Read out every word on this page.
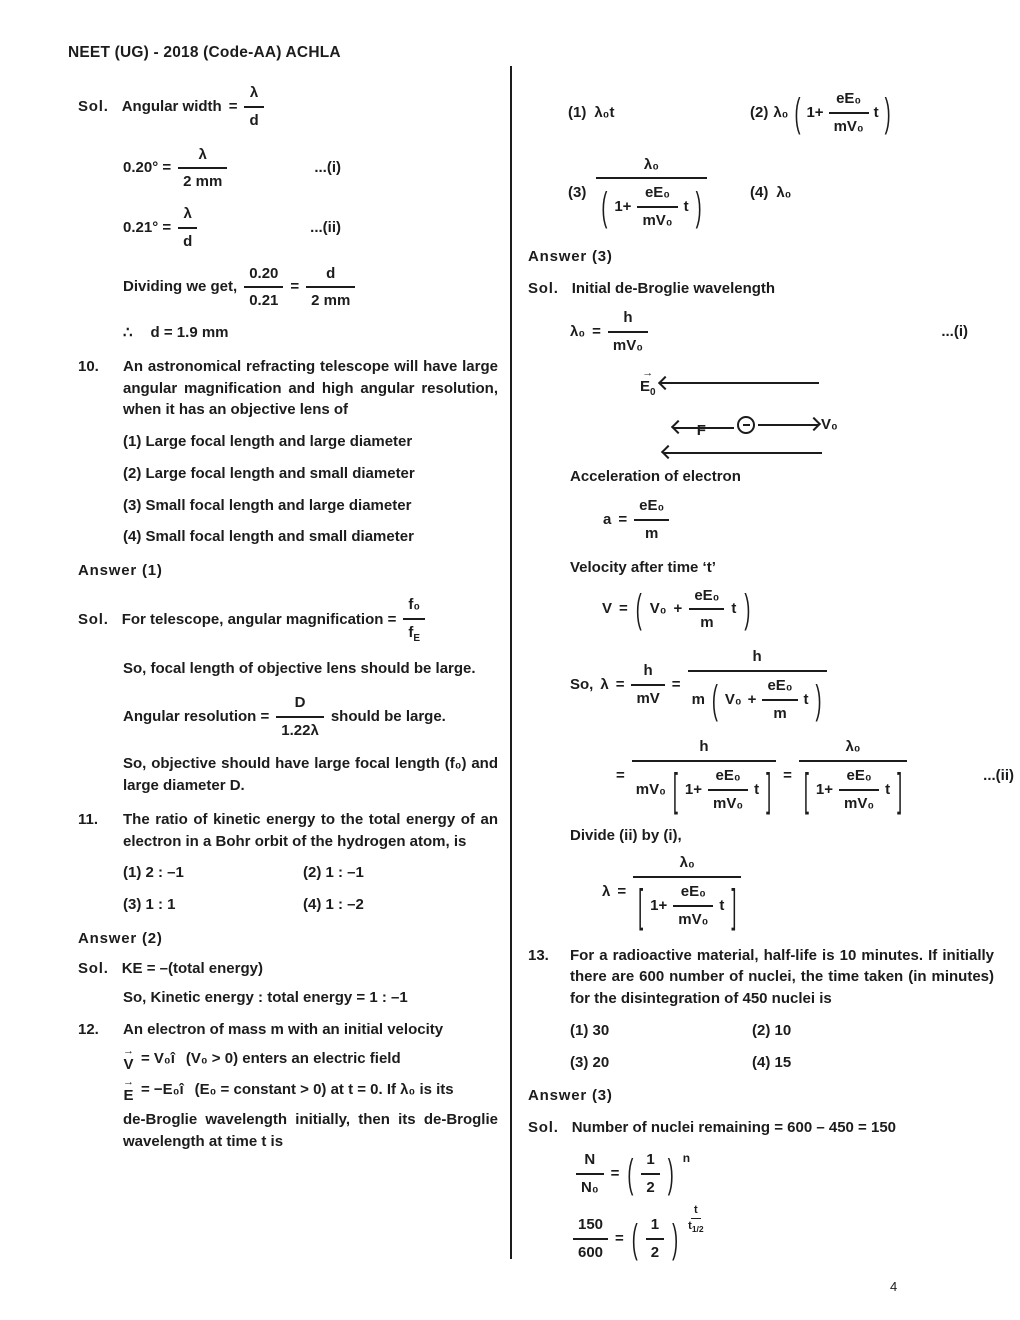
NEET (UG) - 2018 (Code-AA) ACHLA
Sol. Angular width = $\frac{\lambda}{d}$
$0.20^\circ = \frac{\lambda}{2 mm}$	...(i)
$0.21^\circ = \frac{\lambda}{d}$	...(ii)
Dividing we get, $\frac{0.20}{0.21} = \frac{d}{2 mm}$
∴ d = 1.9 mm
10.	An astronomical refracting telescope will have large angular magnification and high angular resolution, when it has an objective lens of
(1) Large focal length and large diameter
(2) Large focal length and small diameter
(3) Small focal length and large diameter
(4) Small focal length and small diameter
Answer (1)
Sol. For telescope, angular magnification = $\frac{\text{f₀}}{f_E}$
So, focal length of objective lens should be large.
Angular resolution = $\frac{D}{1.22\lambda}$ should be large.
So, objective should have large focal length (f₀) and large diameter D.
11.	The ratio of kinetic energy to the total energy of an electron in a Bohr orbit of the hydrogen atom, is
(1) 2 : –1	(2) 1 : –1
(3) 1 : 1	(4) 1 : –2
Answer (2)
Sol. KE = –(total energy)
So, Kinetic energy : total energy = 1 : –1
12.	An electron of mass m with an initial velocity
→
V = V₀î (V₀ > 0) enters an electric field
→
E = −E₀î (E₀ = constant > 0) at t = 0. If λ₀ is its
de-Broglie wavelength initially, then its de-Broglie wavelength at time t is
(1) λ₀t	(2) λ₀ ( $1+ \frac{\text{eE₀}}{\text{mV₀}}$ t )
(3)
λ₀
( $1+ \frac{\text{eE₀}}{\text{mV₀}}$ t )	(4) λ₀
Answer (3)
Sol. Initial de-Broglie wavelength
$\lambda_0 = \frac{h}{\text{mV₀}}$	...(i)
→
$E_0$
F	V₀
Acceleration of electron
$a = \frac{\text{eE₀}}{m}$
Velocity after time ‘t’
V = ( $V_0 + \frac{\text{eE₀}}{m}$ t )
So, $\lambda = \frac{h}{mV}$ =
h
m ( $V_0 + \frac{\text{eE₀}}{m}$ t )
=
h
mV₀ [ $1+ \frac{\text{eE₀}}{\text{mV₀}}$ t ] =
λ₀
[ $1+ \frac{\text{eE₀}}{\text{mV₀}}$ t ]	...(ii)
Divide (ii) by (i),
λ =
λ₀
[ $1+ \frac{\text{eE₀}}{\text{mV₀}}$ t ]
13.	For a radioactive material, half-life is 10 minutes. If initially there are 600 number of nuclei, the time taken (in minutes) for the disintegration of 450 nuclei is
(1) 30	(2) 10
(3) 20	(4) 15
Answer (3)
Sol. Number of nuclei remaining = 600 – 450 = 150
$\frac{N}{\text{N₀}}$ = ( $\frac{1}{2}$ ) n
$\frac{150}{600}$ = ( $\frac{1}{2}$ ) $\frac{t}{t_{1/2}}$
4
